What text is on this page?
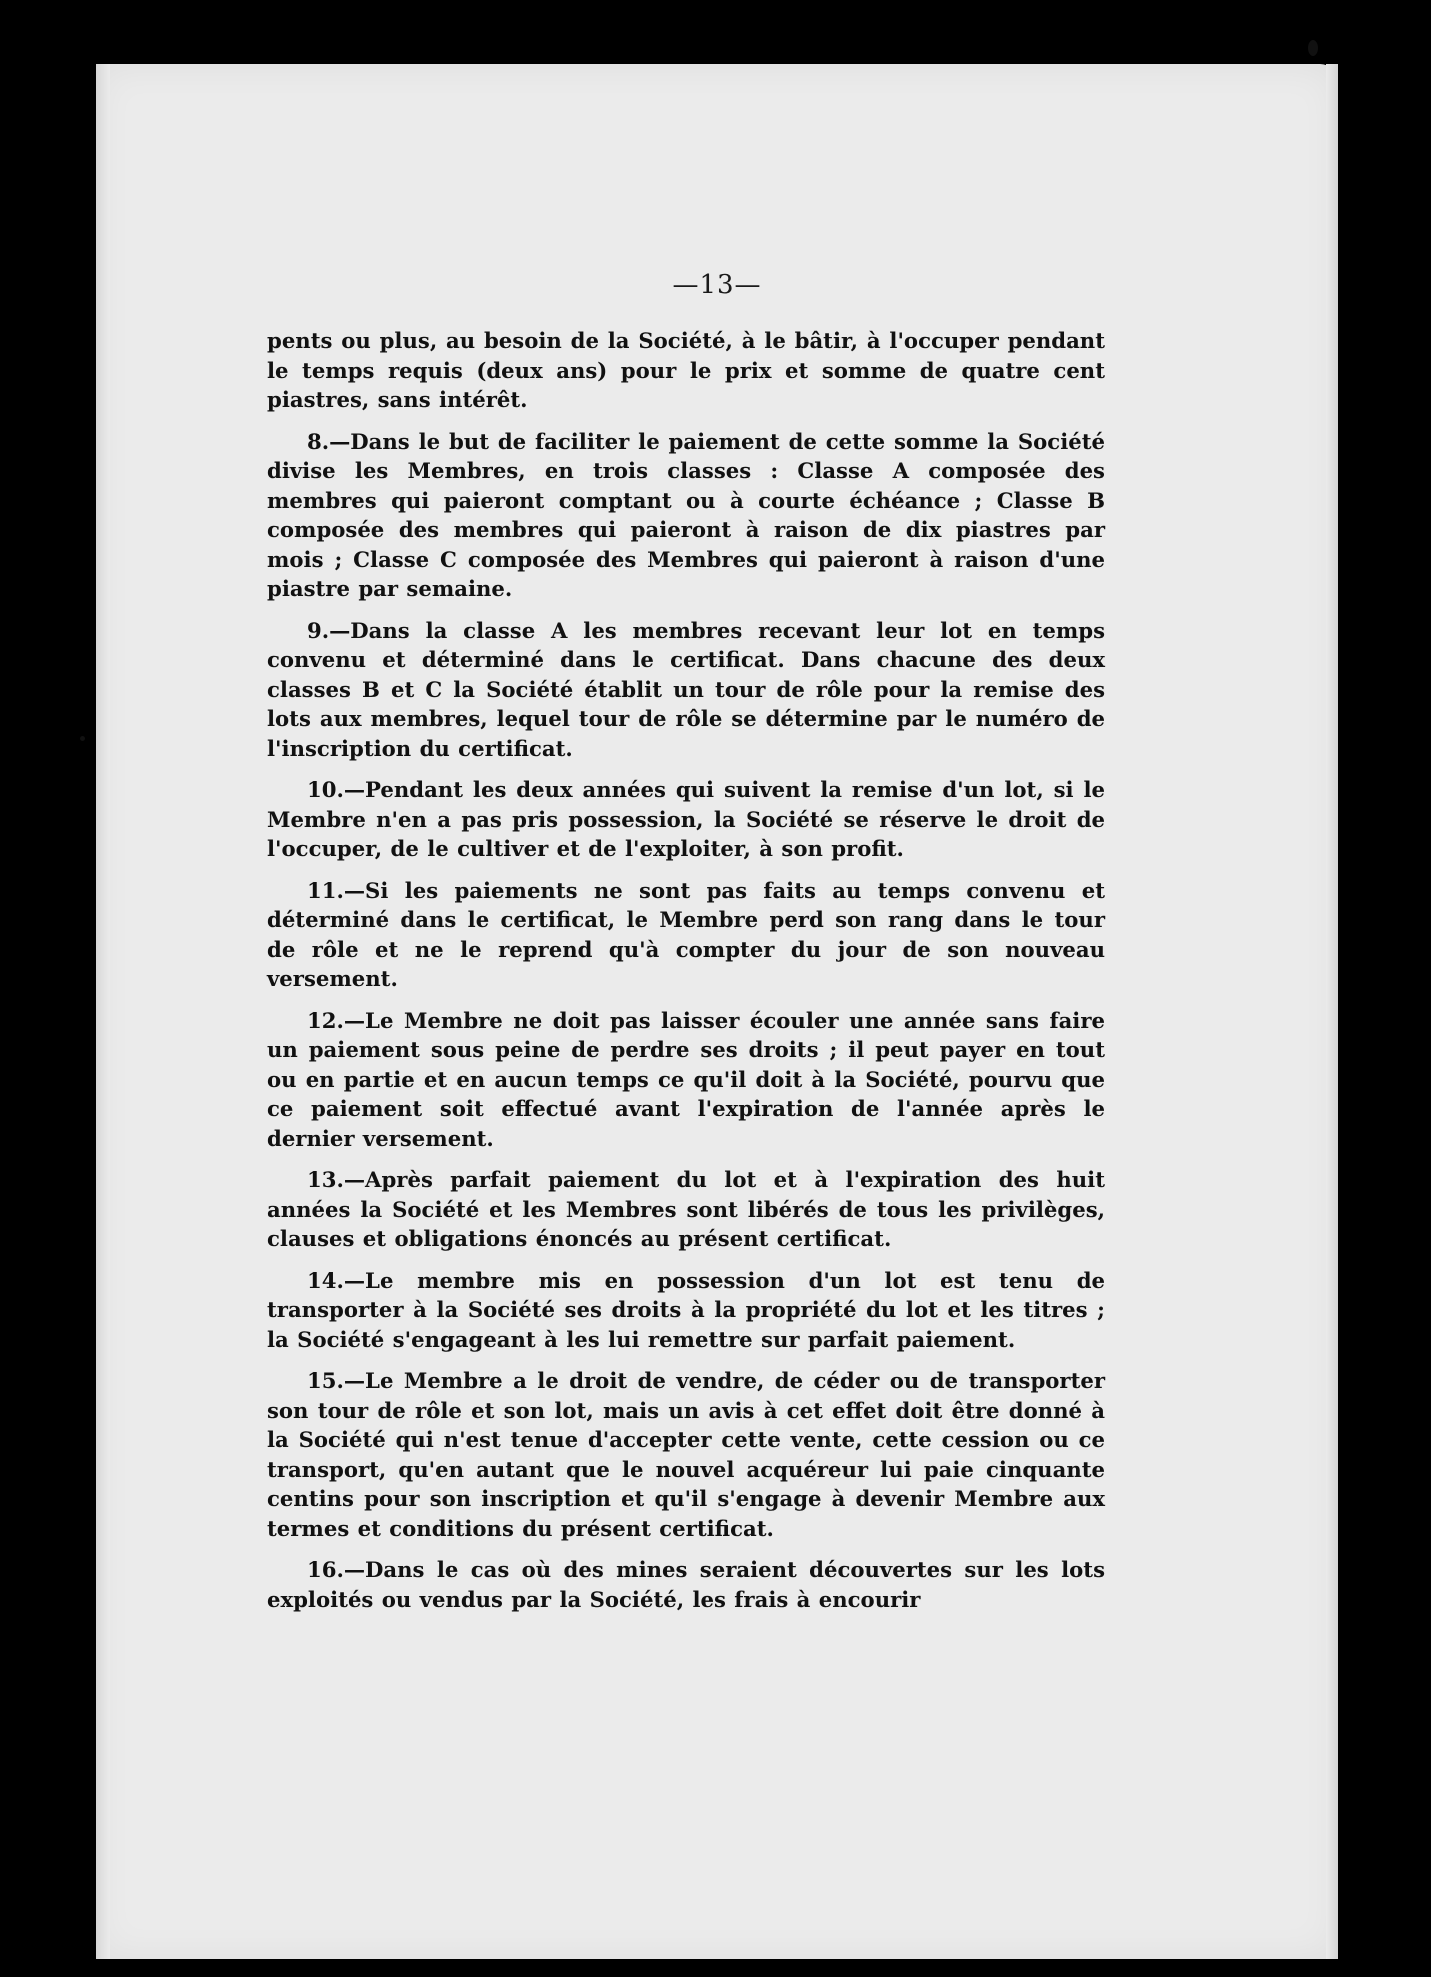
—13—

pents ou plus, au besoin de la Société, à le bâtir, à l'occuper pendant le temps requis (deux ans) pour le prix et somme de quatre cent piastres, sans intérêt.

8.—Dans le but de faciliter le paiement de cette somme la Société divise les Membres, en trois classes : Classe A composée des membres qui paieront comptant ou à courte échéance ; Classe B composée des membres qui paieront à raison de dix piastres par mois ; Classe C composée des Membres qui paieront à raison d'une piastre par semaine.

9.—Dans la classe A les membres recevant leur lot en temps convenu et déterminé dans le certificat. Dans chacune des deux classes B et C la Société établit un tour de rôle pour la remise des lots aux membres, lequel tour de rôle se détermine par le numéro de l'inscription du certificat.

10.—Pendant les deux années qui suivent la remise d'un lot, si le Membre n'en a pas pris possession, la Société se réserve le droit de l'occuper, de le cultiver et de l'exploiter, à son profit.

11.—Si les paiements ne sont pas faits au temps convenu et déterminé dans le certificat, le Membre perd son rang dans le tour de rôle et ne le reprend qu'à compter du jour de son nouveau versement.

12.—Le Membre ne doit pas laisser écouler une année sans faire un paiement sous peine de perdre ses droits ; il peut payer en tout ou en partie et en aucun temps ce qu'il doit à la Société, pourvu que ce paiement soit effectué avant l'expiration de l'année après le dernier versement.

13.—Après parfait paiement du lot et à l'expiration des huit années la Société et les Membres sont libérés de tous les privilèges, clauses et obligations énoncés au présent certificat.

14.—Le membre mis en possession d'un lot est tenu de transporter à la Société ses droits à la propriété du lot et les titres ; la Société s'engageant à les lui remettre sur parfait paiement.

15.—Le Membre a le droit de vendre, de céder ou de transporter son tour de rôle et son lot, mais un avis à cet effet doit être donné à la Société qui n'est tenue d'accepter cette vente, cette cession ou ce transport, qu'en autant que le nouvel acquéreur lui paie cinquante centins pour son inscription et qu'il s'engage à devenir Membre aux termes et conditions du présent certificat.

16.—Dans le cas où des mines seraient découvertes sur les lots exploités ou vendus par la Société, les frais à encourir
